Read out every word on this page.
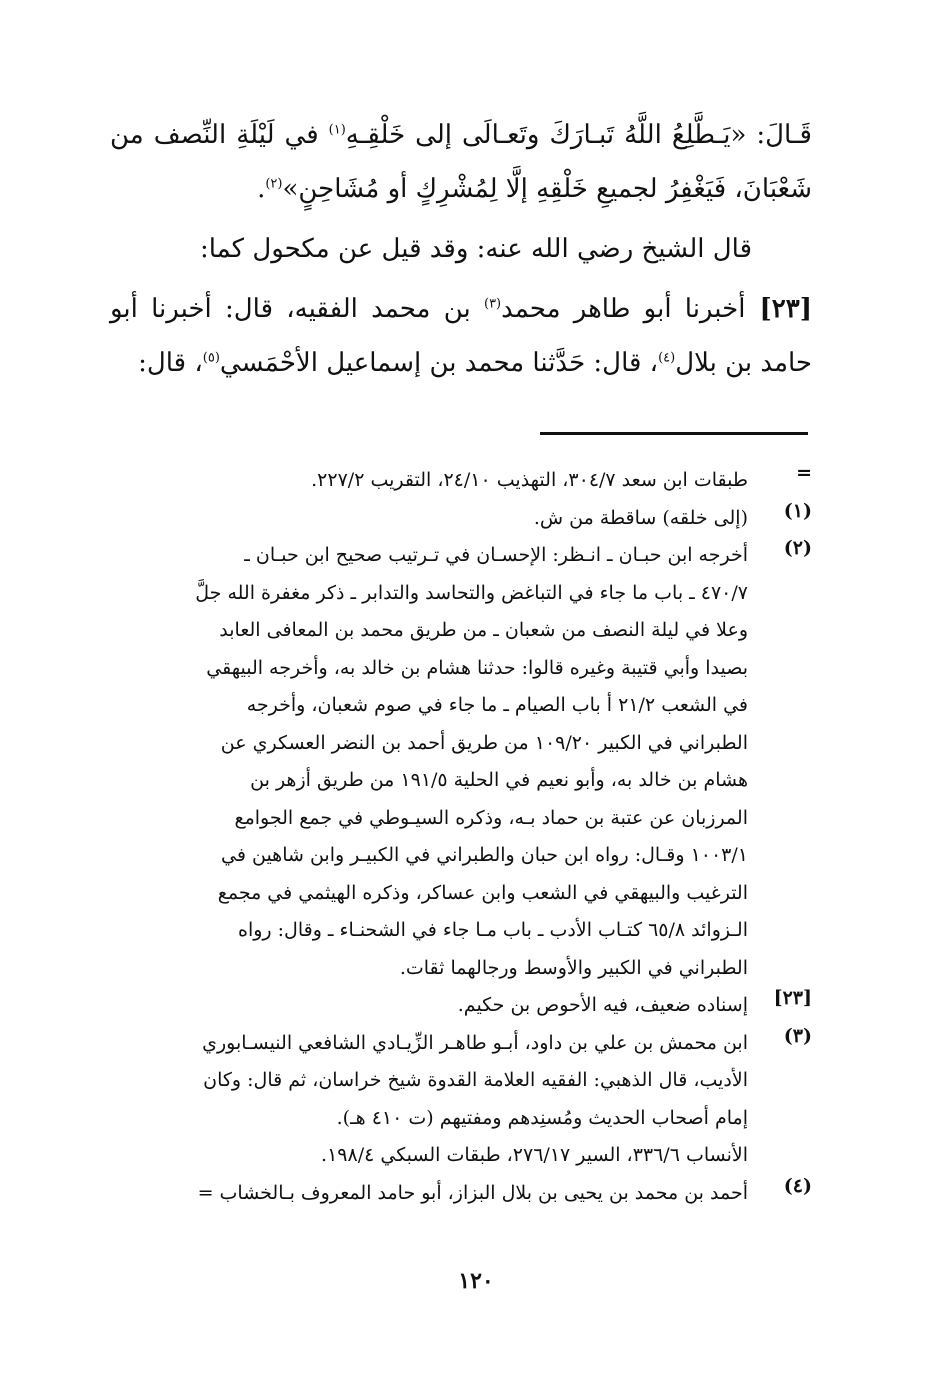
قَـالَ: «يَـطَّلِعُ اللَّهُ تَبـارَكَ وتَعـالَى إلى خَلْقِـهِ$^{(١)}$ في لَيْلَةِ النِّصف من شَعْبَانَ، فَيَغْفِرُ لجميعِ خَلْقِهِ إلَّا لِمُشْرِكٍ أو مُشَاحِنٍ»$^{(٢)}$.

قال الشيخ رضي الله عنه: وقد قيل عن مكحول كما:

[٢٣]أخبرنا أبو طاهر محمد$^{(٣)}$ بن محمد الفقيه، قال: أخبرنا أبو حامد بن بلال$^{(٤)}$، قال: حَدَّثنا محمد بن إسماعيل الأحْمَسي$^{(٥)}$، قال:

=
طبقات ابن سعد ٣٠٤/٧، التهذيب ٢٤/١٠، التقريب ٢٢٧/٢.
(١)
(إلى خلقه) ساقطة من ش.
(٢)
أخرجه ابن حبـان ـ انـظر: الإحسـان في تـرتيب صحيح ابن حبـان ـ
٤٧٠/٧ ـ باب ما جاء في التباغض والتحاسد والتدابر ـ ذكر مغفرة الله جلَّ
وعلا في ليلة النصف من شعبان ـ من طريق محمد بن المعافى العابد
بصيدا وأبي قتيبة وغيره قالوا: حدثنا هشام بن خالد به، وأخرجه البيهقي
في الشعب ٢١/٢ أ باب الصيام ـ ما جاء في صوم شعبان، وأخرجه
الطبراني في الكبير ١٠٩/٢٠ من طريق أحمد بن النضر العسكري عن
هشام بن خالد به، وأبو نعيم في الحلية ١٩١/٥ من طريق أزهر بن
المرزبان عن عتبة بن حماد بـه، وذكره السيـوطي في جمع الجوامع
١٠٠٣/١ وقـال: رواه ابن حبان والطبراني في الكبيـر وابن شاهين في
الترغيب والبيهقي في الشعب وابن عساكر، وذكره الهيثمي في مجمع
الـزوائد ٦٥/٨ كتـاب الأدب ـ باب مـا جاء في الشحنـاء ـ وقال: رواه
الطبراني في الكبير والأوسط ورجالهما ثقات.
[٢٣]
إسناده ضعيف، فيه الأحوص بن حكيم.
(٣)
ابن محمش بن علي بن داود، أبـو طاهـر الزِّيـادي الشافعي النيسـابوري
الأديب، قال الذهبي: الفقيه العلامة القدوة شيخ خراسان، ثم قال: وكان
إمام أصحاب الحديث ومُسنِدهم ومفتيهم (ت ٤١٠ هـ).
الأنساب ٣٣٦/٦، السير ٢٧٦/١٧، طبقات السبكي ١٩٨/٤.
(٤)
أحمد بن محمد بن يحيى بن بلال البزاز، أبو حامد المعروف بـالخشاب =
١٢٠
